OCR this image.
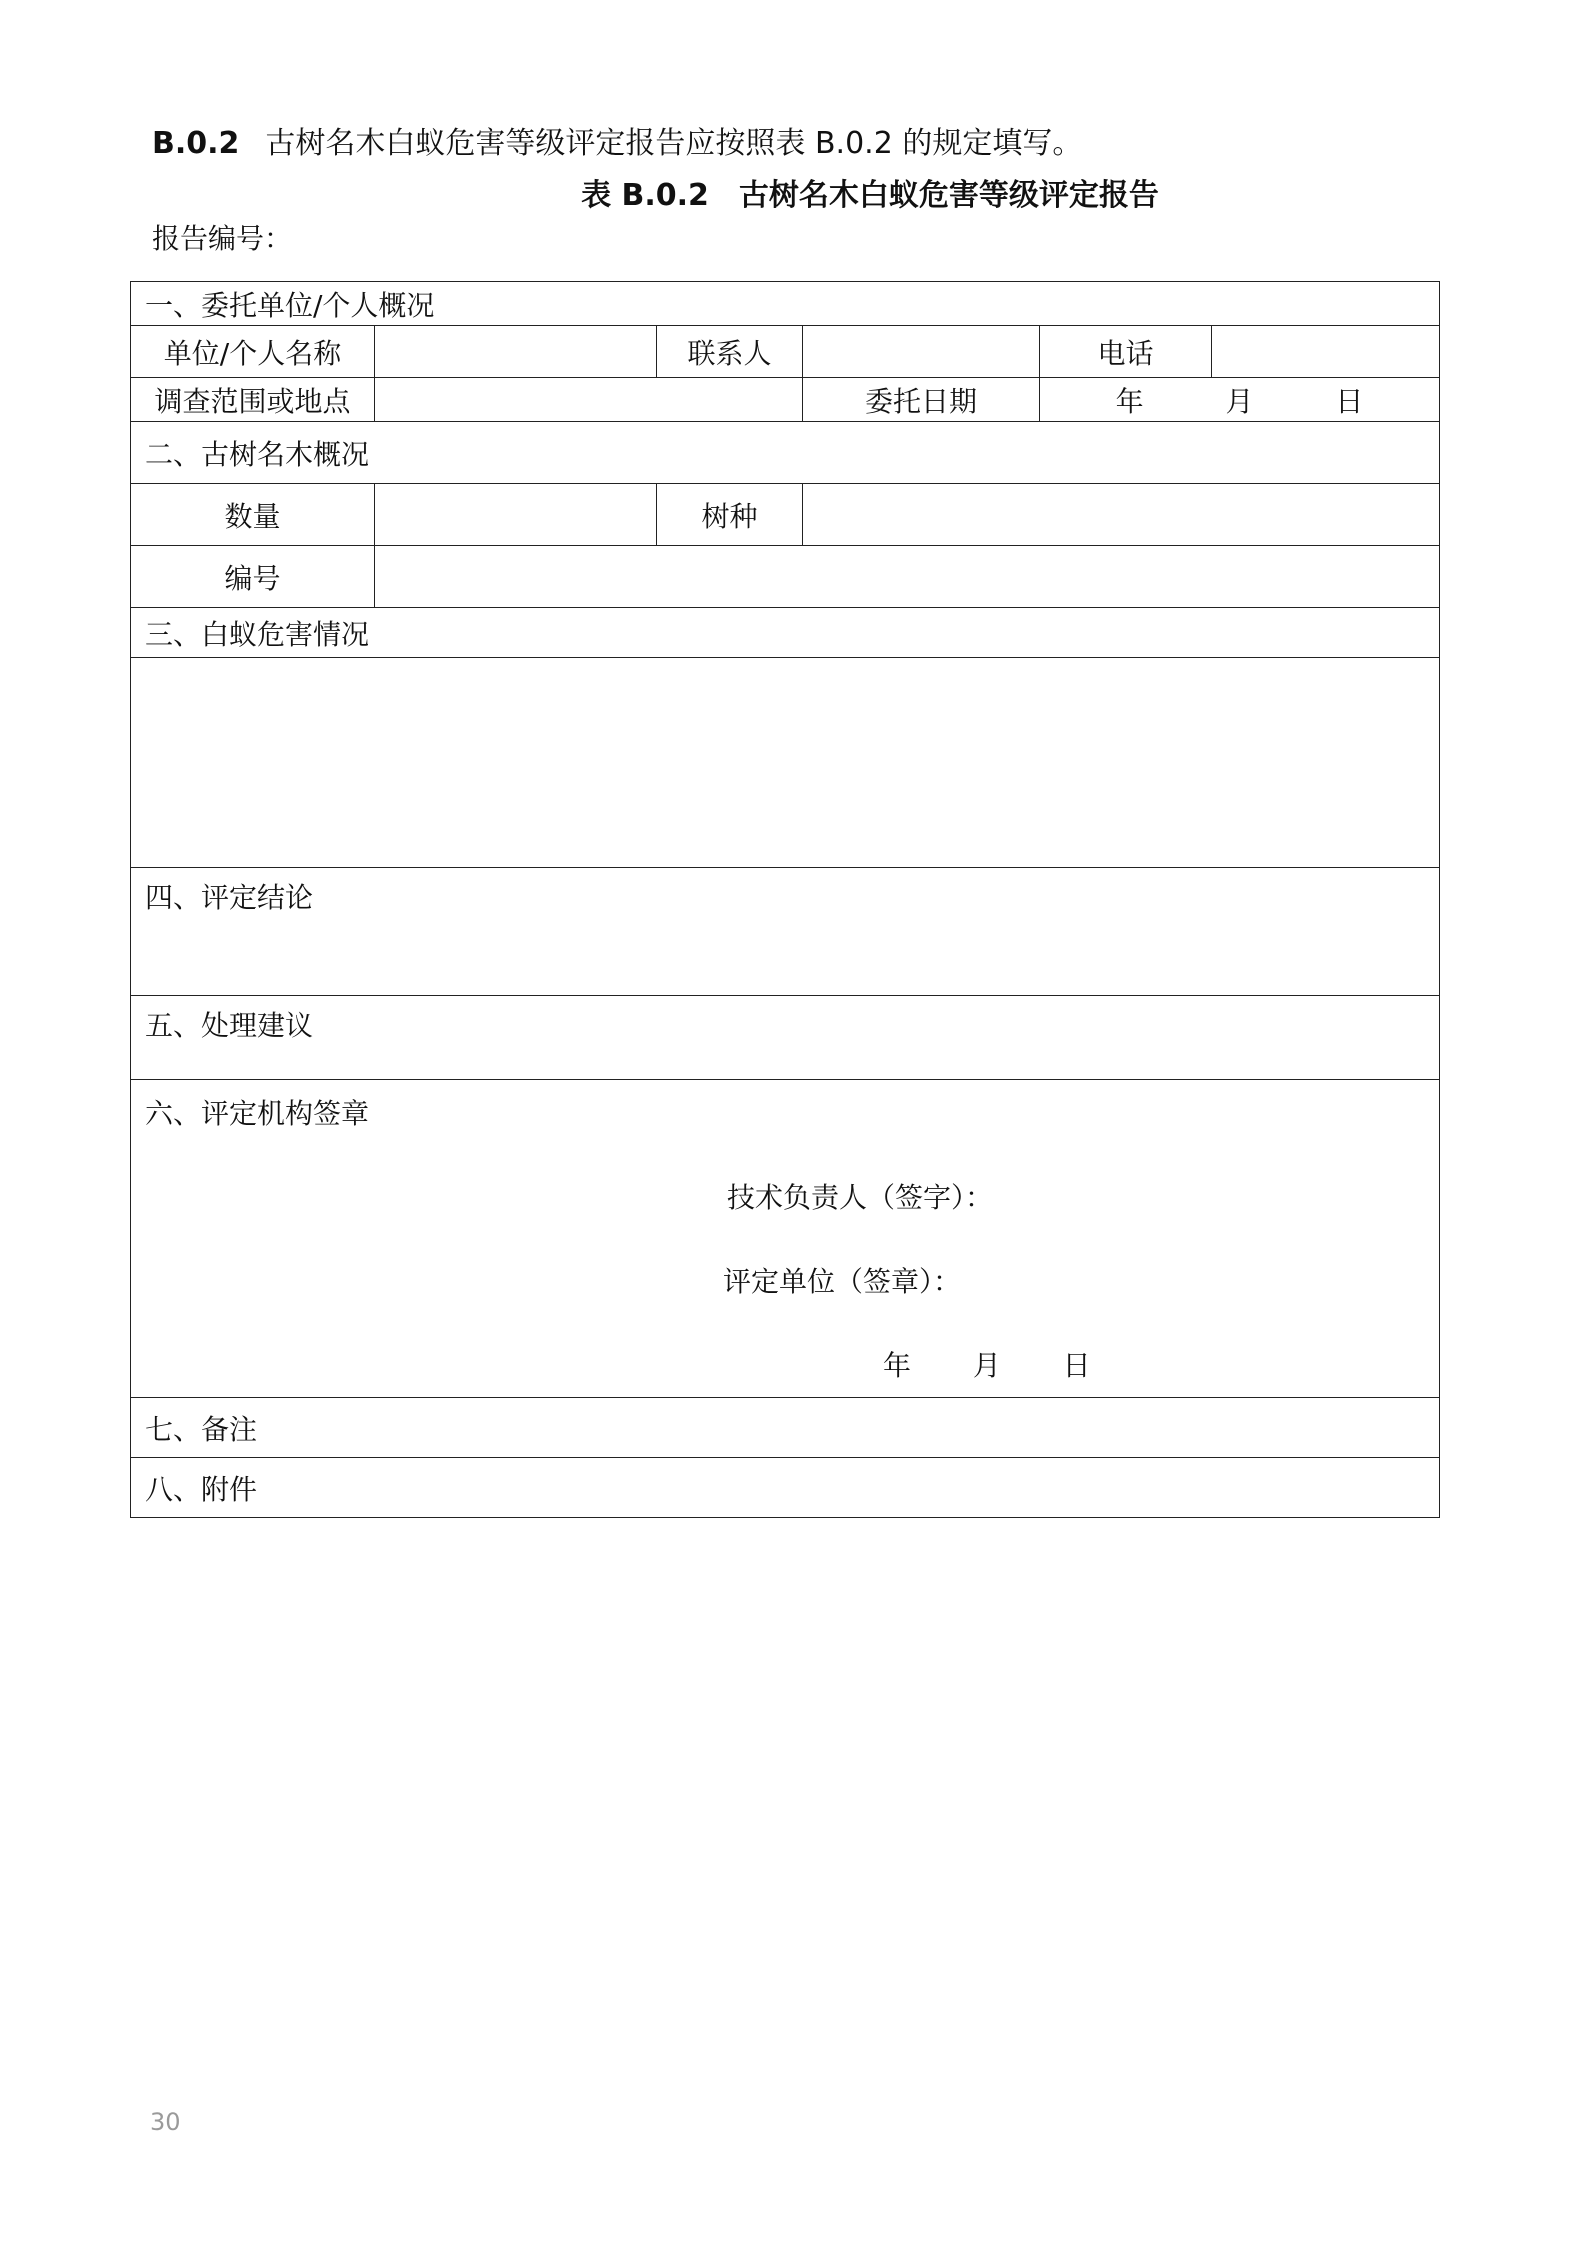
B.0.2 古树名木白蚁危害等级评定报告应按照表 B.0.2 的规定填写。
表 B.0.2 古树名木白蚁危害等级评定报告
报告编号：
一、委托单位/个人概况					
单位/个人名称		联系人		电话	
调查范围或地点			委托日期	年 月 日	
二、古树名木概况					
数量		树种			
编号					
三、白蚁危害情况					

四、评定结论					
五、处理建议					

六、评定机构签章
技术负责人（签字）：
评定单位（签章）：
年 月 日					

七、备注					
八、附件					
30
